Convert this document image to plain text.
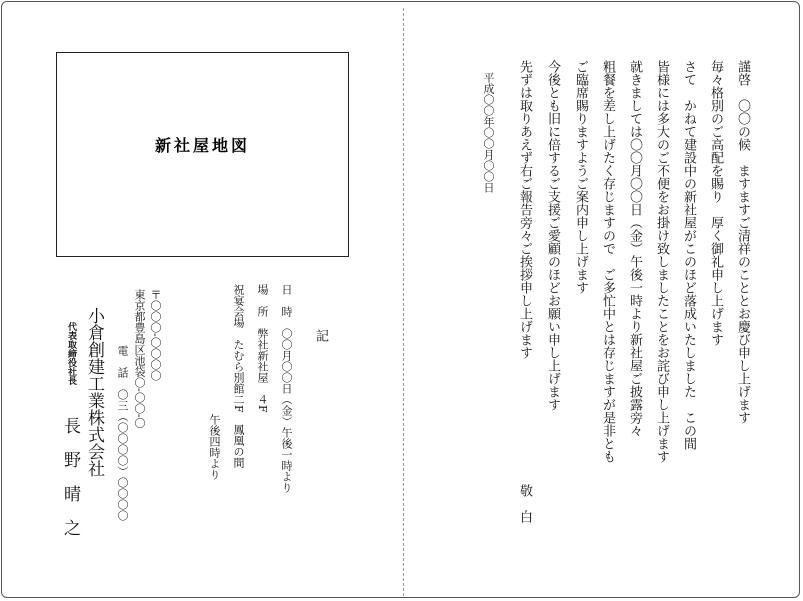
謹啓　〇〇の候　ますますご清祥のこととお慶び申し上げます

毎々格別のご高配を賜り　厚く御礼申し上げます

さて　かねて建設中の新社屋がこのほど落成いたしました　この間

皆様には多大のご不便をお掛け致しましたことをお詫び申し上げます

就きましては〇〇月〇〇日（金）午後一時より新社屋ご披露旁々

粗餐を差し上げたく存じますので　ご多忙中とは存じますが是非とも

ご臨席賜りますようご案内申し上げます

今後とも旧に倍するご支援ご愛顧のほどお願い申し上げます

先ずは取りあえず右ご報告旁々ご挨拶申し上げます

敬　白

平成〇〇年〇〇月〇〇日

新社屋地図

記

日　時　〇〇月〇〇日（金）午後一時より

場　所　弊社新社屋　４F

祝宴会場　たむら別館二F　鳳凰の間

午後四時より

〒〇〇〇-〇〇〇〇

東京都豊島区池袋〇-〇〇-〇

電　話　〇三（〇〇〇〇）〇〇〇〇

小倉創建工業株式会社

代表取締役社長

長　野　晴　之
